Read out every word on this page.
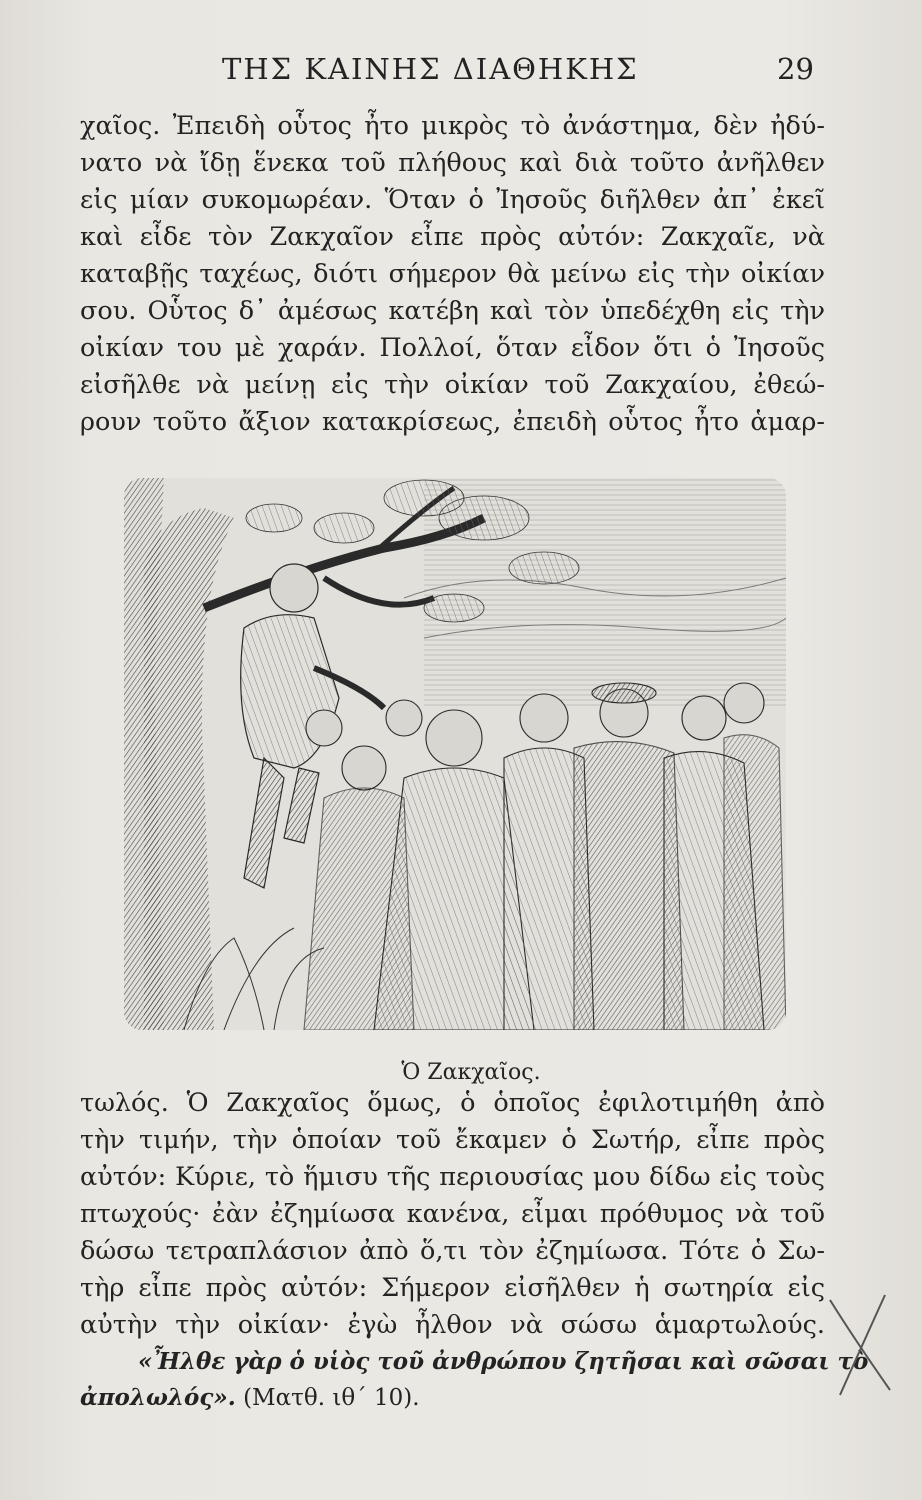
ΤΗΣ ΚΑΙΝΗΣ ΔΙΑΘΗΚΗΣ	29
χαῖος. Ἐπειδὴ οὗτος ἦτο μικρὸς τὸ ἀνάστημα, δὲν ἠδύ-
νατο νὰ ἴδῃ ἕνεκα τοῦ πλήθους καὶ διὰ τοῦτο ἀνῆλθεν
εἰς μίαν συκομωρέαν. Ὅταν ὁ Ἰησοῦς διῆλθεν ἀπ᾽ ἐκεῖ
καὶ εἶδε τὸν Ζακχαῖον εἶπε πρὸς αὐτόν: Ζακχαῖε, νὰ
καταβῇς ταχέως, διότι σήμερον θὰ μείνω εἰς τὴν οἰκίαν
σου. Οὗτος δ᾽ ἀμέσως κατέβη καὶ τὸν ὑπεδέχθη εἰς τὴν
οἰκίαν του μὲ χαράν. Πολλοί, ὅταν εἶδον ὅτι ὁ Ἰησοῦς
εἰσῆλθε νὰ μείνῃ εἰς τὴν οἰκίαν τοῦ Ζακχαίου, ἐθεώ-
ρουν τοῦτο ἄξιον κατακρίσεως, ἐπειδὴ οὗτος ἦτο ἁμαρ-
Ὁ Ζακχαῖος.
τωλός. Ὁ Ζακχαῖος ὅμως, ὁ ὁποῖος ἐφιλοτιμήθη ἀπὸ
τὴν τιμήν, τὴν ὁποίαν τοῦ ἔκαμεν ὁ Σωτήρ, εἶπε πρὸς
αὐτόν: Κύριε, τὸ ἥμισυ τῆς περιουσίας μου δίδω εἰς τοὺς
πτωχούς· ἐὰν ἐζημίωσα κανένα, εἶμαι πρόθυμος νὰ τοῦ
δώσω τετραπλάσιον ἀπὸ ὅ,τι τὸν ἐζημίωσα. Τότε ὁ Σω-
τὴρ εἶπε πρὸς αὐτόν: Σήμερον εἰσῆλθεν ἡ σωτηρία εἰς
αὐτὴν τὴν οἰκίαν· ἐγὼ ἦλθον νὰ σώσω ἁμαρτωλούς.
«Ἦλθε γὰρ ὁ υἱὸς τοῦ ἀνθρώπου ζητῆσαι καὶ σῶσαι τὸ
ἀπολωλός». (Ματθ. ιθ΄ 10).
